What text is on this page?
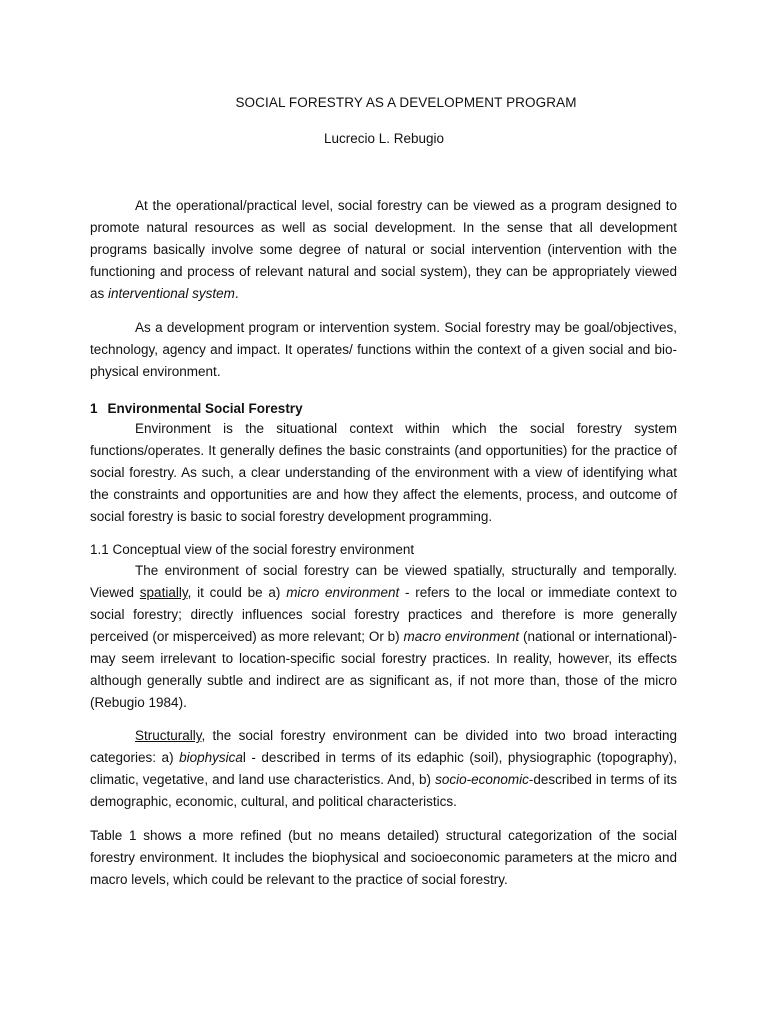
SOCIAL FORESTRY AS A DEVELOPMENT PROGRAM
Lucrecio L. Rebugio
At the operational/practical level, social forestry can be viewed as a program designed to promote natural resources as well as social development. In the sense that all development programs basically involve some degree of natural or social intervention (intervention with the functioning and process of relevant natural and social system), they can be appropriately viewed as interventional system.
As a development program or intervention system. Social forestry may be goal/objectives, technology, agency and impact. It operates/ functions within the context of a given social and bio-physical environment.
1 Environmental Social Forestry
Environment is the situational context within which the social forestry system functions/operates. It generally defines the basic constraints (and opportunities) for the practice of social forestry. As such, a clear understanding of the environment with a view of identifying what the constraints and opportunities are and how they affect the elements, process, and outcome of social forestry is basic to social forestry development programming.
1.1 Conceptual view of the social forestry environment
The environment of social forestry can be viewed spatially, structurally and temporally. Viewed spatially, it could be a) micro environment - refers to the local or immediate context to social forestry; directly influences social forestry practices and therefore is more generally perceived (or misperceived) as more relevant; Or b) macro environment (national or international)- may seem irrelevant to location-specific social forestry practices. In reality, however, its effects although generally subtle and indirect are as significant as, if not more than, those of the micro (Rebugio 1984).
Structurally, the social forestry environment can be divided into two broad interacting categories: a) biophysical - described in terms of its edaphic (soil), physiographic (topography), climatic, vegetative, and land use characteristics. And, b) socio-economic-described in terms of its demographic, economic, cultural, and political characteristics.
Table 1 shows a more refined (but no means detailed) structural categorization of the social forestry environment. It includes the biophysical and socioeconomic parameters at the micro and macro levels, which could be relevant to the practice of social forestry.
